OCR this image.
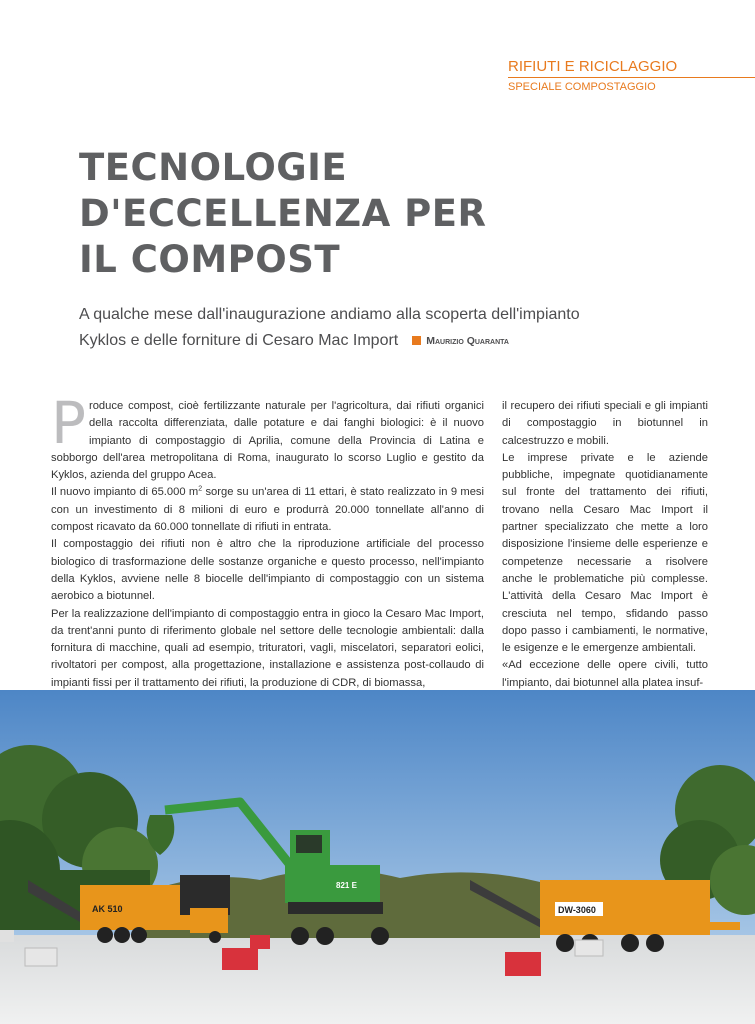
RIFIUTI E RICICLAGGIO
SPECIALE COMPOSTAGGIO
TECNOLOGIE
D'ECCELLENZA PER
IL COMPOST
A qualche mese dall'inaugurazione andiamo alla scoperta dell'impianto
Kyklos e delle forniture di Cesaro Mac Import	Maurizio Quaranta

Produce compost, cioè fertilizzante naturale per l'agricoltura, dai rifiuti organici della raccolta differenziata, dalle potature e dai fanghi biologici: è il nuovo impianto di compostaggio di Aprilia, comune della Provincia di Latina e sobborgo dell'area metropolitana di Roma, inaugurato lo scorso Luglio e gestito da Kyklos, azienda del gruppo Acea.

Il nuovo impianto di 65.000 $m^2$ sorge su un'area di 11 ettari, è stato realizzato in 9 mesi con un investimento di 8 milioni di euro e produrrà 20.000 tonnellate all'anno di compost ricavato da 60.000 tonnellate di rifiuti in entrata.

Il compostaggio dei rifiuti non è altro che la riproduzione artificiale del processo biologico di trasformazione delle sostanze organiche e questo processo, nell'impianto della Kyklos, avviene nelle 8 biocelle dell'impianto di compostaggio con un sistema aerobico a biotunnel.

Per la realizzazione dell'impianto di compostaggio entra in gioco la Cesaro Mac Import, da trent'anni punto di riferimento globale nel settore delle tecnologie ambientali: dalla fornitura di macchine, quali ad esempio, trituratori, vagli, miscelatori, separatori eolici, rivoltatori per compost, alla progettazione, installazione e assistenza post-collaudo di impianti fissi per il trattamento dei rifiuti, la produzione di CDR, di biomassa,

il recupero dei rifiuti speciali e gli impianti di compostaggio in biotunnel in calcestruzzo e mobili.

Le imprese private e le aziende pubbliche, impegnate quotidianamente sul fronte del trattamento dei rifiuti, trovano nella Cesaro Mac Import il partner specializzato che mette a loro disposizione l'insieme delle esperienze e competenze necessarie a risolvere anche le problematiche più complesse. L'attività della Cesaro Mac Import è cresciuta nel tempo, sfidando passo dopo passo i cambiamenti, le normative, le esigenze e le emergenze ambientali.

«Ad eccezione delle opere civili, tutto l'impianto, dai biotunnel alla platea insuf-

AK 510
821 E
DW-3060
